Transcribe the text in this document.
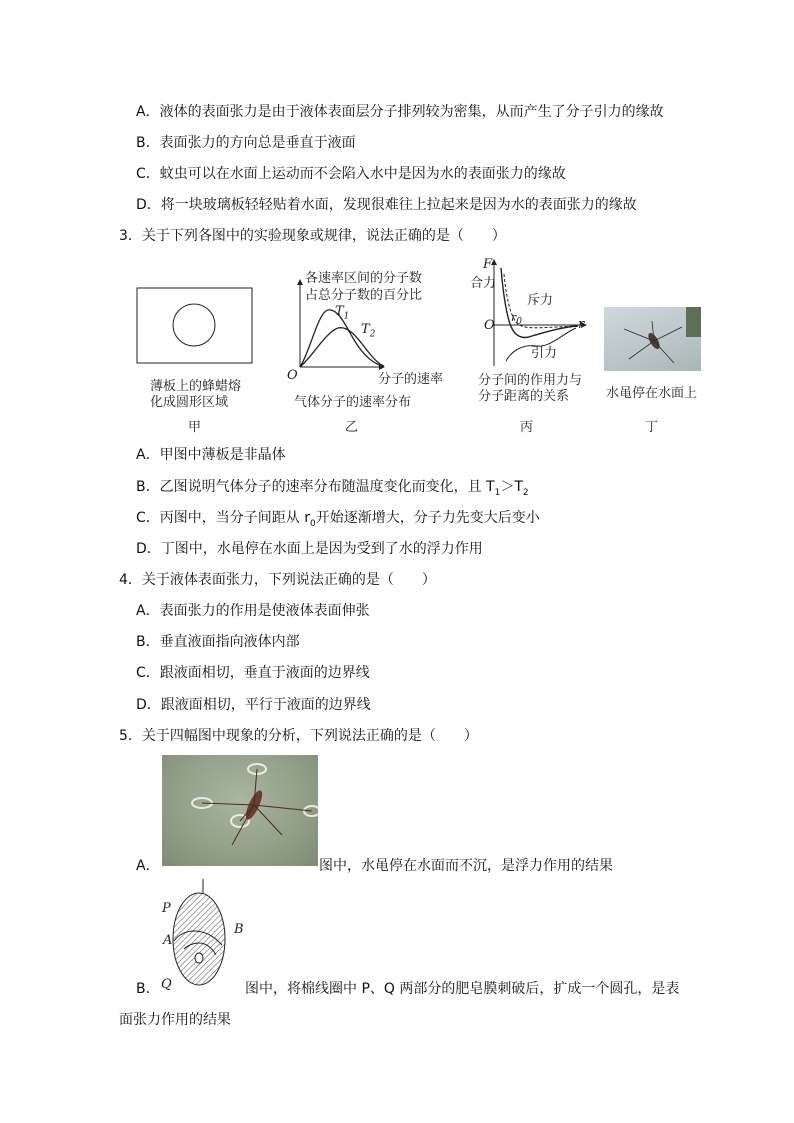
A．液体的表面张力是由于液体表面层分子排列较为密集，从而产生了分子引力的缘故
B．表面张力的方向总是垂直于液面
C．蚊虫可以在水面上运动而不会陷入水中是因为水的表面张力的缘故
D．将一块玻璃板轻轻贴着水面，发现很难往上拉起来是因为水的表面张力的缘故
3．关于下列各图中的实验现象或规律，说法正确的是（　　）
薄板上的蜂蜡熔
化成圆形区域
甲
各速率区间的分子数
占总分子数的百分比
$T_1$
$T_2$
O	分子的速率
气体分子的速率分布
乙
F
合力
斥力
$r_0$
O	r
引力
分子间的作用力与
分子距离的关系
丙
水黾停在水面上
丁
A．甲图中薄板是非晶体
B．乙图说明气体分子的速率分布随温度变化而变化，且 $T_1>T_2$
C．丙图中，当分子间距从 $r_0$开始逐渐增大，分子力先变大后变小
D．丁图中，水黾停在水面上是因为受到了水的浮力作用
4．关于液体表面张力，下列说法正确的是（　　）
A．表面张力的作用是使液体表面伸张
B．垂直液面指向液体内部
C．跟液面相切，垂直于液面的边界线
D．跟液面相切，平行于液面的边界线
5．关于四幅图中现象的分析，下列说法正确的是（　　）
A．	图中，水黾停在水面而不沉，是浮力作用的结果
P
A
B
Q
B．	图中，将棉线圈中 P、Q 两部分的肥皂膜刺破后，扩成一个圆孔，是表
面张力作用的结果
